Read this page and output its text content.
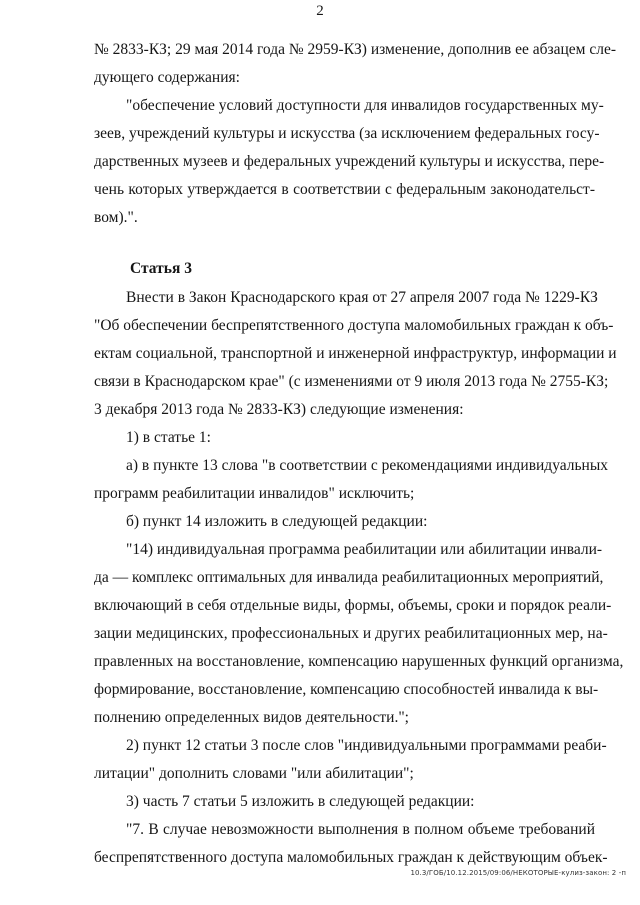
2
№ 2833-КЗ; 29 мая 2014 года № 2959-КЗ) изменение, дополнив ее абзацем сле-
дующего содержания:
"обеспечение условий доступности для инвалидов государственных му-
зеев, учреждений культуры и искусства (за исключением федеральных госу-
дарственных музеев и федеральных учреждений культуры и искусства, пере-
чень которых утверждается в соответствии с федеральным законодательст-
вом).".
Статья 3
Внести в Закон Краснодарского края от 27 апреля 2007 года № 1229-КЗ
"Об обеспечении беспрепятственного доступа маломобильных граждан к объ-
ектам социальной, транспортной и инженерной инфраструктур, информации и
связи в Краснодарском крае" (с изменениями от 9 июля 2013 года № 2755-КЗ;
3 декабря 2013 года № 2833-КЗ) следующие изменения:
1) в статье 1:
а) в пункте 13 слова "в соответствии с рекомендациями индивидуальных
программ реабилитации инвалидов" исключить;
б) пункт 14 изложить в следующей редакции:
"14) индивидуальная программа реабилитации или абилитации инвали-
да — комплекс оптимальных для инвалида реабилитационных мероприятий,
включающий в себя отдельные виды, формы, объемы, сроки и порядок реали-
зации медицинских, профессиональных и других реабилитационных мер, на-
правленных на восстановление, компенсацию нарушенных функций организма,
формирование, восстановление, компенсацию способностей инвалида к вы-
полнению определенных видов деятельности.";
2) пункт 12 статьи 3 после слов "индивидуальными программами реаби-
литации" дополнить словами "или абилитации";
3) часть 7 статьи 5 изложить в следующей редакции:
"7. В случае невозможности выполнения в полном объеме требований
беспрепятственного доступа маломобильных граждан к действующим объек-
10.3/ГОБ/10.12.2015/09:06/НЕКОТОРЫЕ-кулиз-закон: 2 -п
